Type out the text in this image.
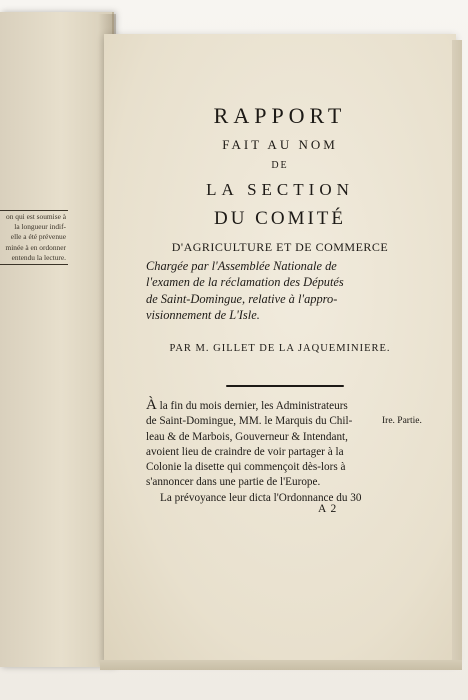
on qui est soumise à
la longueur indif-
elle a été prévenue
minée à en ordonner
entendu la lecture.
RAPPORT
FAIT AU NOM
DE
LA SECTION
DU COMITÉ
D'AGRICULTURE ET DE COMMERCE
Chargée par l'Assemblée Nationale de
l'examen de la réclamation des Députés
de Saint-Domingue, relative à l'appro-
visionnement de L'Isle.
PAR M. GILLET DE LA JAQUEMINIERE.
À la fin du mois dernier, les Administrateurs
de Saint-Domingue, MM. le Marquis du Chil-
leau & de Marbois, Gouverneur & Intendant,
avoient lieu de craindre de voir partager à la
Colonie la disette qui commençoit dès-lors à
s'annoncer dans une partie de l'Europe.
La prévoyance leur dicta l'Ordonnance du 30
Ire. Partie.
A 2
